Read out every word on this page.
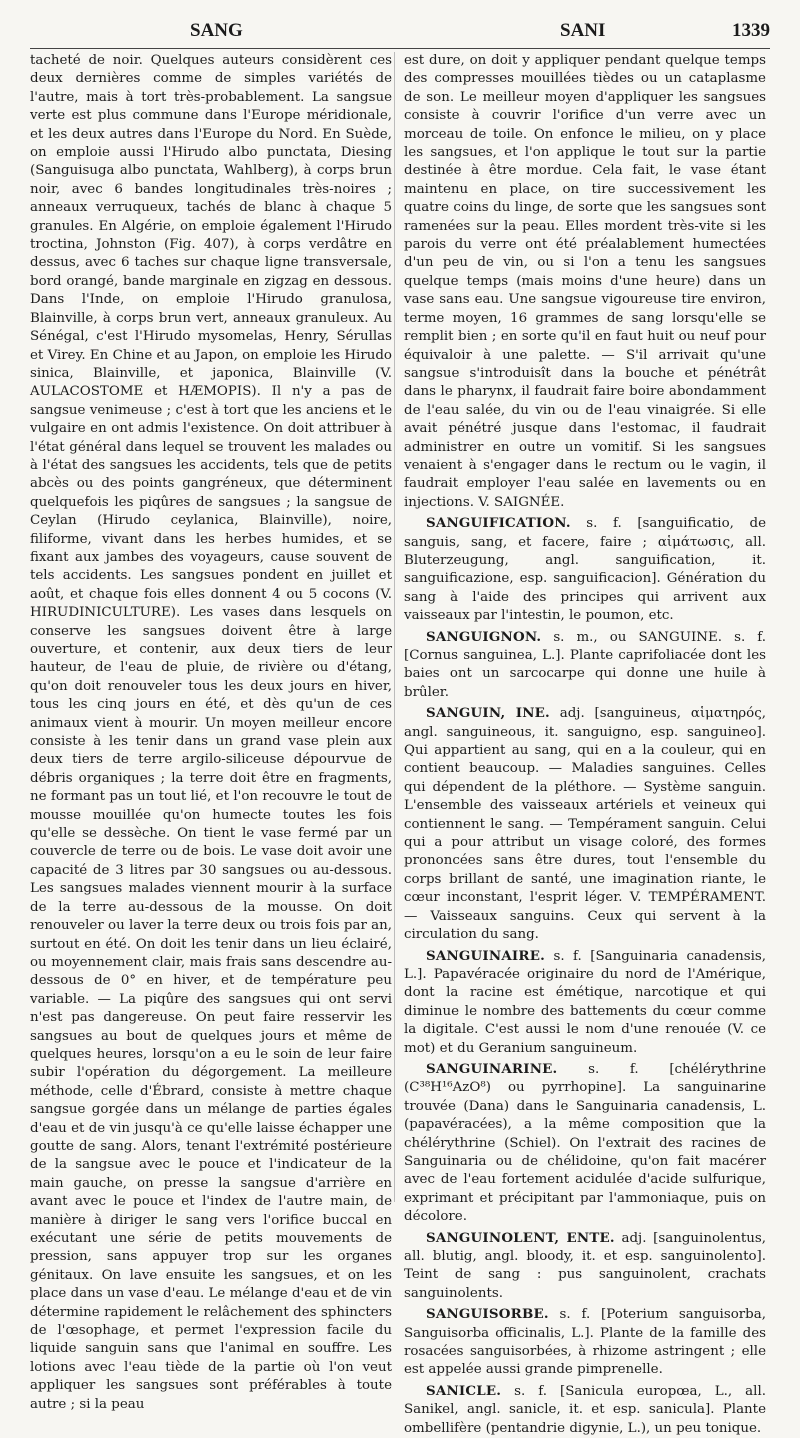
SANG	SANI	1339

tacheté de noir. Quelques auteurs considèrent ces deux dernières comme de simples variétés de l'autre, mais à tort très-probablement. La sangsue verte est plus commune dans l'Europe méridionale, et les deux autres dans l'Europe du Nord. En Suède, on emploie aussi l'Hirudo albo punctata, Diesing (Sanguisuga albo punctata, Wahlberg), à corps brun noir, avec 6 bandes longitudinales très-noires ; anneaux verruqueux, tachés de blanc à chaque 5 granules. En Algérie, on emploie également l'Hirudo troctina, Johnston (Fig. 407), à corps verdâtre en dessus, avec 6 taches sur chaque ligne transversale, bord orangé, bande marginale en zigzag en dessous. Dans l'Inde, on emploie l'Hirudo granulosa, Blainville, à corps brun vert, anneaux granuleux. Au Sénégal, c'est l'Hirudo mysomelas, Henry, Sérullas et Virey. En Chine et au Japon, on emploie les Hirudo sinica, Blainville, et japonica, Blainville (V. AULACOSTOME et HÆMOPIS). Il n'y a pas de sangsue venimeuse ; c'est à tort que les anciens et le vulgaire en ont admis l'existence. On doit attribuer à l'état général dans lequel se trouvent les malades ou à l'état des sangsues les accidents, tels que de petits abcès ou des points gangréneux, que déterminent quelquefois les piqûres de sangsues ; la sangsue de Ceylan (Hirudo ceylanica, Blainville), noire, filiforme, vivant dans les herbes humides, et se fixant aux jambes des voyageurs, cause souvent de tels accidents. Les sangsues pondent en juillet et août, et chaque fois elles donnent 4 ou 5 cocons (V. HIRUDINICULTURE). Les vases dans lesquels on conserve les sangsues doivent être à large ouverture, et contenir, aux deux tiers de leur hauteur, de l'eau de pluie, de rivière ou d'étang, qu'on doit renouveler tous les deux jours en hiver, tous les cinq jours en été, et dès qu'un de ces animaux vient à mourir. Un moyen meilleur encore consiste à les tenir dans un grand vase plein aux deux tiers de terre argilo-siliceuse dépourvue de débris organiques ; la terre doit être en fragments, ne formant pas un tout lié, et l'on recouvre le tout de mousse mouillée qu'on humecte toutes les fois qu'elle se dessèche. On tient le vase fermé par un couvercle de terre ou de bois. Le vase doit avoir une capacité de 3 litres par 30 sangsues ou au-dessous. Les sangsues malades viennent mourir à la surface de la terre au-dessous de la mousse. On doit renouveler ou laver la terre deux ou trois fois par an, surtout en été. On doit les tenir dans un lieu éclairé, ou moyennement clair, mais frais sans descendre au-dessous de 0° en hiver, et de température peu variable. — La piqûre des sangsues qui ont servi n'est pas dangereuse. On peut faire resservir les sangsues au bout de quelques jours et même de quelques heures, lorsqu'on a eu le soin de leur faire subir l'opération du dégorgement. La meilleure méthode, celle d'Ébrard, consiste à mettre chaque sangsue gorgée dans un mélange de parties égales d'eau et de vin jusqu'à ce qu'elle laisse échapper une goutte de sang. Alors, tenant l'extrémité postérieure de la sangsue avec le pouce et l'indicateur de la main gauche, on presse la sangsue d'arrière en avant avec le pouce et l'index de l'autre main, de manière à diriger le sang vers l'orifice buccal en exécutant une série de petits mouvements de pression, sans appuyer trop sur les organes génitaux. On lave ensuite les sangsues, et on les place dans un vase d'eau. Le mélange d'eau et de vin détermine rapidement le relâchement des sphincters de l'œsophage, et permet l'expression facile du liquide sanguin sans que l'animal en souffre. Les lotions avec l'eau tiède de la partie où l'on veut appliquer les sangsues sont préférables à toute autre ; si la peau

est dure, on doit y appliquer pendant quelque temps des compresses mouillées tièdes ou un cataplasme de son. Le meilleur moyen d'appliquer les sangsues consiste à couvrir l'orifice d'un verre avec un morceau de toile. On enfonce le milieu, on y place les sangsues, et l'on applique le tout sur la partie destinée à être mordue. Cela fait, le vase étant maintenu en place, on tire successivement les quatre coins du linge, de sorte que les sangsues sont ramenées sur la peau. Elles mordent très-vite si les parois du verre ont été préalablement humectées d'un peu de vin, ou si l'on a tenu les sangsues quelque temps (mais moins d'une heure) dans un vase sans eau. Une sangsue vigoureuse tire environ, terme moyen, 16 grammes de sang lorsqu'elle se remplit bien ; en sorte qu'il en faut huit ou neuf pour équivaloir à une palette. — S'il arrivait qu'une sangsue s'introduisît dans la bouche et pénétrât dans le pharynx, il faudrait faire boire abondamment de l'eau salée, du vin ou de l'eau vinaigrée. Si elle avait pénétré jusque dans l'estomac, il faudrait administrer en outre un vomitif. Si les sangsues venaient à s'engager dans le rectum ou le vagin, il faudrait employer l'eau salée en lavements ou en injections. V. SAIGNÉE.

SANGUIFICATION. s. f. [sanguificatio, de sanguis, sang, et facere, faire ; αἱμάτωσις, all. Bluterzeugung, angl. sanguification, it. sanguificazione, esp. sanguificacion]. Génération du sang à l'aide des principes qui arrivent aux vaisseaux par l'intestin, le poumon, etc.

SANGUIGNON. s. m., ou SANGUINE. s. f. [Cornus sanguinea, L.]. Plante caprifoliacée dont les baies ont un sarcocarpe qui donne une huile à brûler.

SANGUIN, INE. adj. [sanguineus, αἱματηρός, angl. sanguineous, it. sanguigno, esp. sanguineo]. Qui appartient au sang, qui en a la couleur, qui en contient beaucoup. — Maladies sanguines. Celles qui dépendent de la pléthore. — Système sanguin. L'ensemble des vaisseaux artériels et veineux qui contiennent le sang. — Tempérament sanguin. Celui qui a pour attribut un visage coloré, des formes prononcées sans être dures, tout l'ensemble du corps brillant de santé, une imagination riante, le cœur inconstant, l'esprit léger. V. TEMPÉRAMENT. — Vaisseaux sanguins. Ceux qui servent à la circulation du sang.

SANGUINAIRE. s. f. [Sanguinaria canadensis, L.]. Papavéracée originaire du nord de l'Amérique, dont la racine est émétique, narcotique et qui diminue le nombre des battements du cœur comme la digitale. C'est aussi le nom d'une renouée (V. ce mot) et du Geranium sanguineum.

SANGUINARINE. s. f. [chélérythrine (C³⁸H¹⁶AzO⁸) ou pyrrhopine]. La sanguinarine trouvée (Dana) dans le Sanguinaria canadensis, L. (papavéracées), a la même composition que la chélérythrine (Schiel). On l'extrait des racines de Sanguinaria ou de chélidoine, qu'on fait macérer avec de l'eau fortement acidulée d'acide sulfurique, exprimant et précipitant par l'ammoniaque, puis on décolore.

SANGUINOLENT, ENTE. adj. [sanguinolentus, all. blutig, angl. bloody, it. et esp. sanguinolento]. Teint de sang : pus sanguinolent, crachats sanguinolents.

SANGUISORBE. s. f. [Poterium sanguisorba, Sanguisorba officinalis, L.]. Plante de la famille des rosacées sanguisorbées, à rhizome astringent ; elle est appelée aussi grande pimprenelle.

SANICLE. s. f. [Sanicula europœa, L., all. Sanikel, angl. sanicle, it. et esp. sanicula]. Plante ombellifère (pentandrie digynie, L.), un peu tonique.
